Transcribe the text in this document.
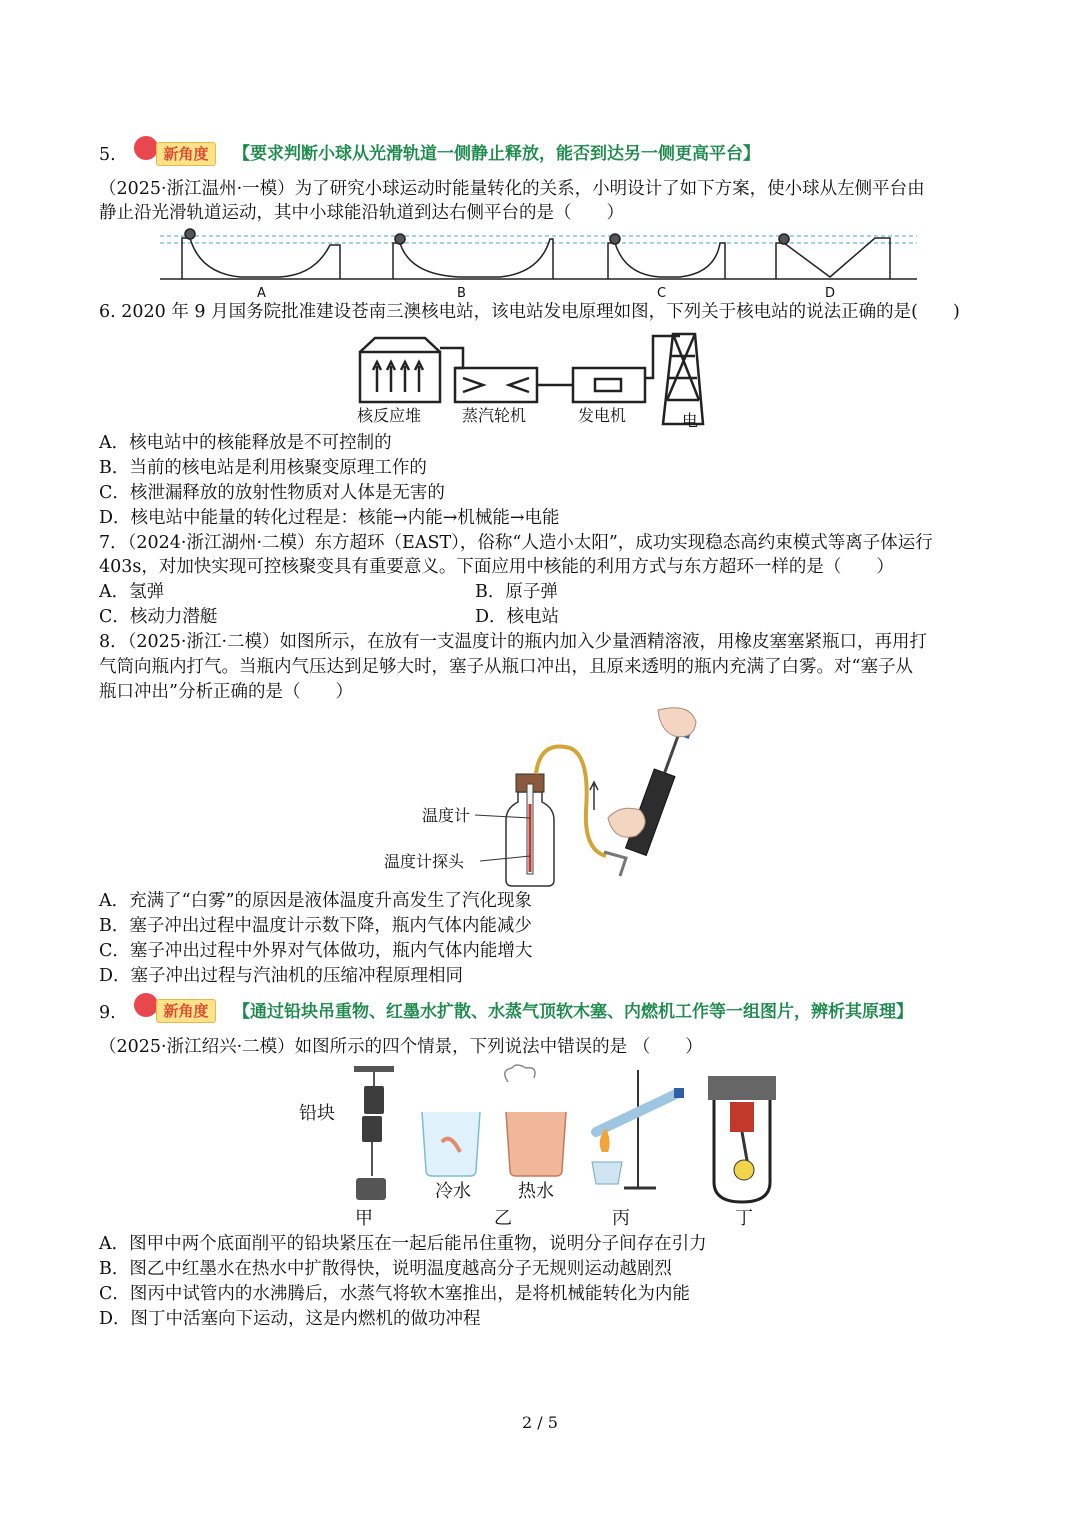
5.	新角度	【要求判断小球从光滑轨道一侧静止释放，能否到达另一侧更高平台】
（2025·浙江温州·一模）为了研究小球运动时能量转化的关系，小明设计了如下方案，使小球从左侧平台由
静止沿光滑轨道运动，其中小球能沿轨道到达右侧平台的是（　　）
A	B	C	D
6. 2020 年 9 月国务院批准建设苍南三澳核电站，该电站发电原理如图，下列关于核电站的说法正确的是(　　)
核反应堆	蒸汽轮机	发电机	电
A．核电站中的核能释放是不可控制的
B．当前的核电站是利用核聚变原理工作的
C．核泄漏释放的放射性物质对人体是无害的
D．核电站中能量的转化过程是：核能→内能→机械能→电能
7．（2024·浙江湖州·二模）东方超环（EAST），俗称“人造小太阳”，成功实现稳态高约束模式等离子体运行
403s，对加快实现可控核聚变具有重要意义。下面应用中核能的利用方式与东方超环一样的是（　　）
A．氢弹	B．原子弹
C．核动力潜艇	D．核电站
8．（2025·浙江·二模）如图所示，在放有一支温度计的瓶内加入少量酒精溶液，用橡皮塞塞紧瓶口，再用打
气筒向瓶内打气。当瓶内气压达到足够大时，塞子从瓶口冲出，且原来透明的瓶内充满了白雾。对“塞子从
瓶口冲出”分析正确的是（　　）
温度计
温度计探头
A．充满了“白雾”的原因是液体温度升高发生了汽化现象
B．塞子冲出过程中温度计示数下降，瓶内气体内能减少
C．塞子冲出过程中外界对气体做功，瓶内气体内能增大
D．塞子冲出过程与汽油机的压缩冲程原理相同
9.	新角度	【通过铅块吊重物、红墨水扩散、水蒸气顶软木塞、内燃机工作等一组图片，辨析其原理】
（2025·浙江绍兴·二模）如图所示的四个情景，下列说法中错误的是 （　　）
铅块
冷水	热水
甲	乙	丙	丁
A．图甲中两个底面削平的铅块紧压在一起后能吊住重物，说明分子间存在引力
B．图乙中红墨水在热水中扩散得快，说明温度越高分子无规则运动越剧烈
C．图丙中试管内的水沸腾后，水蒸气将软木塞推出，是将机械能转化为内能
D．图丁中活塞向下运动，这是内燃机的做功冲程
2 / 5
